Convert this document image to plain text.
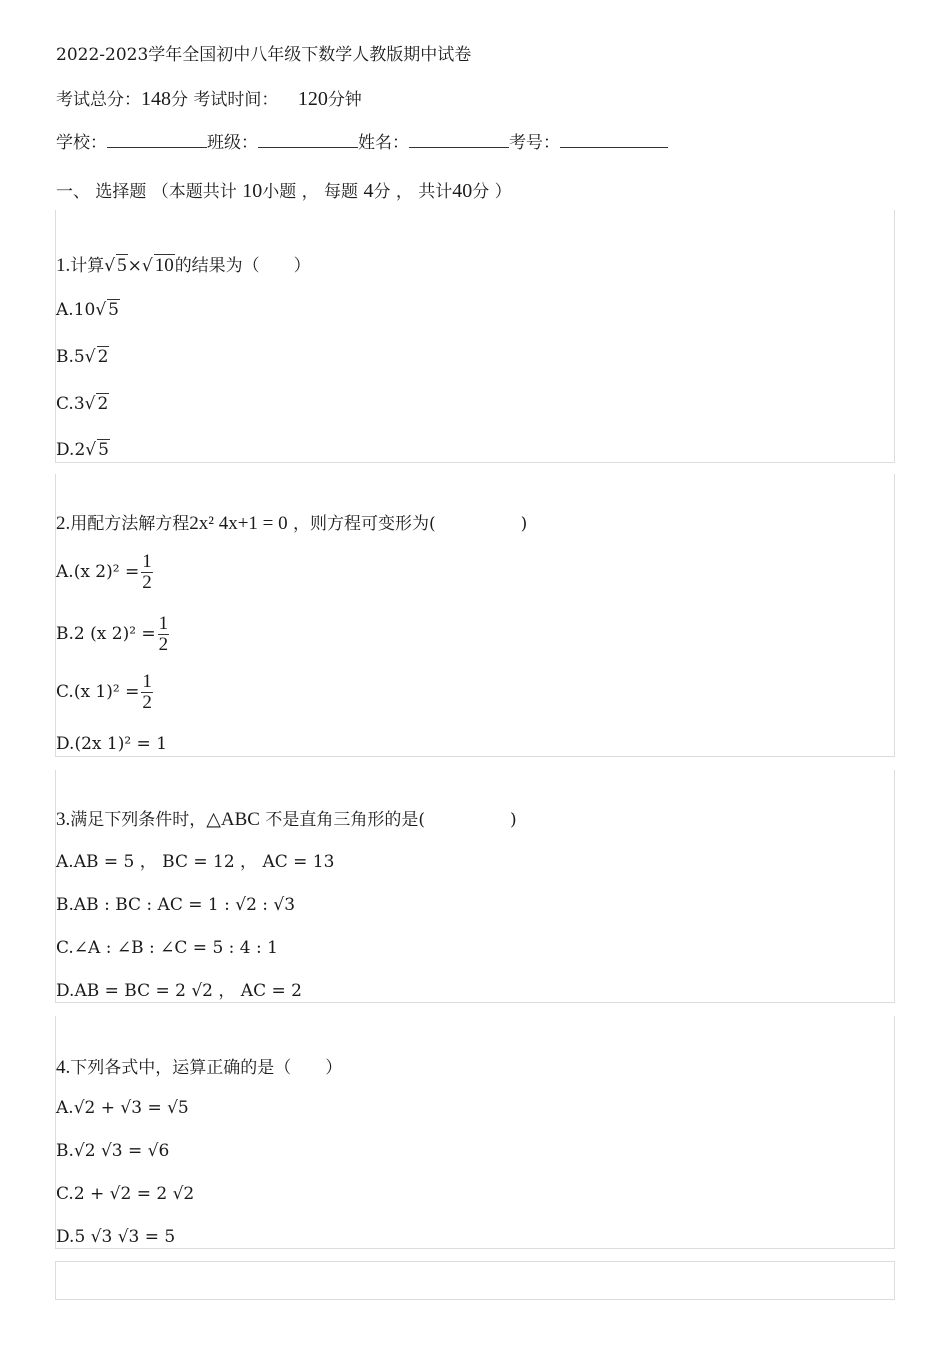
2022-2023学年全国初中八年级下数学人教版期中试卷
考试总分：148分 考试时间： 120分钟
学校：	班级：	姓名：	考号：
一、 选择题 （本题共计 10小题 ， 每题 4分 ， 共计40分 ）
1.计算√ 5×√ 10的结果为（　　）
A.10√ 5
B.5√ 2
C.3√ 2
D.2√ 5
2.用配方法解方程2x² 4x+1 = 0 ，则方程可变形为(　　　　　)
A.(x $2)^2 = \frac{1}{2}$
B.2 (x $2)^2 = \frac{1}{2}$
C.(x $1)^2 = \frac{1}{2}$
D.(2x 1)² = 1
3.满足下列条件时，△ABC 不是直角三角形的是(　　　　　)
A.AB = 5 ， BC = 12 ， AC = 13
B.AB : BC : AC = 1 : √2 : √3
C.∠A : ∠B : ∠C = 5 : 4 : 1
D.AB = BC = 2 √2 ， AC = 2
4.下列各式中，运算正确的是（　　）
A.√2 + √3 = √5
B.√2 √3 = √6
C.2 + √2 = 2 √2
D.5 √3 √3 = 5
